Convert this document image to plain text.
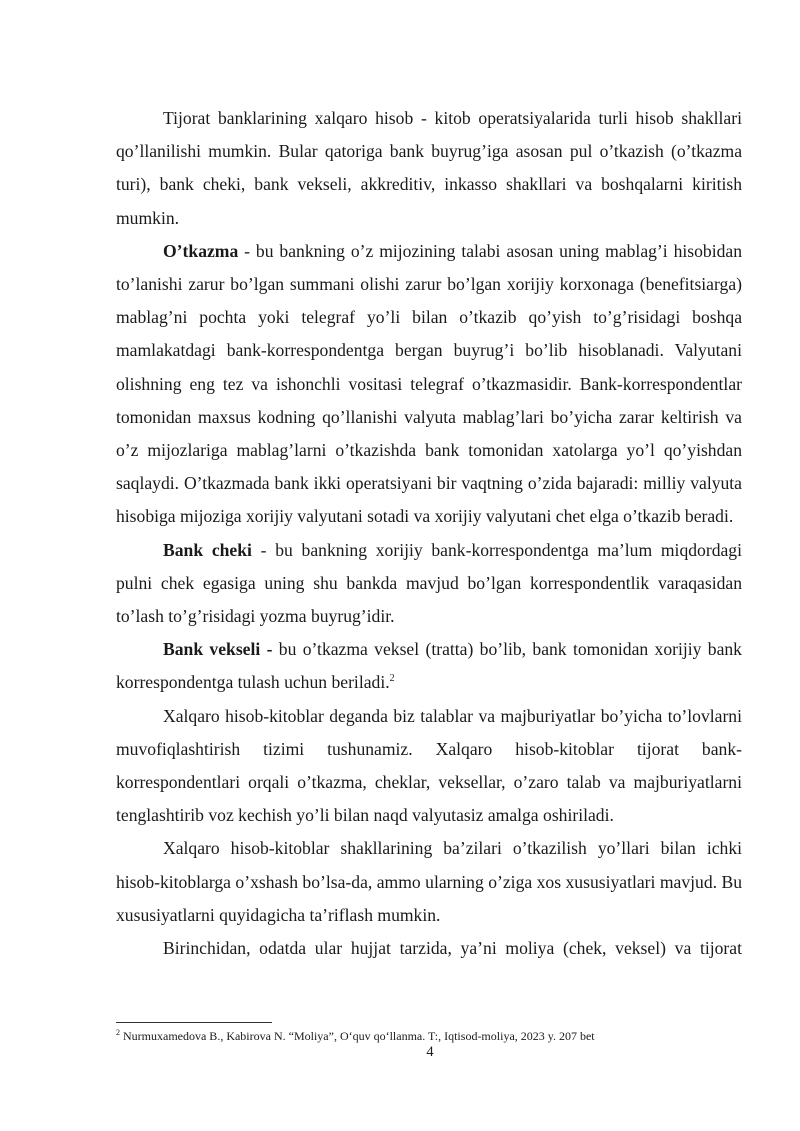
Tijorat banklarining xalqaro hisob - kitob operatsiyalarida turli hisob shakllari qo’llanilishi mumkin. Bular qatoriga bank buyrug’iga asosan pul o’tkazish (o’tkazma turi), bank cheki, bank vekseli, akkreditiv, inkasso shakllari va boshqalarni kiritish mumkin.

O’tkazma - bu bankning o’z mijozining talabi asosan uning mablag’i hisobidan to’lanishi zarur bo’lgan summani olishi zarur bo’lgan xorijiy korxonaga (benefitsiarga) mablag’ni pochta yoki telegraf yo’li bilan o’tkazib qo’yish to’g’risidagi boshqa mamlakatdagi bank-korrespondentga bergan buyrug’i bo’lib hisoblanadi. Valyutani olishning eng tez va ishonchli vositasi telegraf o’tkazmasidir. Bank-korrespondentlar tomonidan maxsus kodning qo’llanishi valyuta mablag’lari bo’yicha zarar keltirish va o’z mijozlariga mablag’larni o’tkazishda bank tomonidan xatolarga yo’l qo’yishdan saqlaydi. O’tkazmada bank ikki operatsiyani bir vaqtning o’zida bajaradi: milliy valyuta hisobiga mijoziga xorijiy valyutani sotadi va xorijiy valyutani chet elga o’tkazib beradi.

Bank cheki - bu bankning xorijiy bank-korrespondentga ma’lum miqdordagi pulni chek egasiga uning shu bankda mavjud bo’lgan korrespondentlik varaqasidan to’lash to’g’risidagi yozma buyrug’idir.

Bank vekseli - bu o’tkazma veksel (tratta) bo’lib, bank tomonidan xorijiy bank korrespondentga tulash uchun beriladi.$^2$

Xalqaro hisob-kitoblar deganda biz talablar va majburiyatlar bo’yicha to’lovlarni muvofiqlashtirish tizimi tushunamiz. Xalqaro hisob-kitoblar tijorat bank-korrespondentlari orqali o’tkazma, cheklar, veksellar, o’zaro talab va majburiyatlarni tenglashtirib voz kechish yo’li bilan naqd valyutasiz amalga oshiriladi.

Xalqaro hisob-kitoblar shakllarining ba’zilari o’tkazilish yo’llari bilan ichki hisob-kitoblarga o’xshash bo’lsa-da, ammo ularning o’ziga xos xususiyatlari mavjud. Bu xususiyatlarni quyidagicha ta’riflash mumkin.

Birinchidan, odatda ular hujjat tarzida, ya’ni moliya (chek, veksel) va tijorat

$^2$ Nurmuxamedova B., Kabirova N. “Moliya”, O‘quv qo‘llanma. T:, Iqtisod-moliya, 2023 y. 207 bet
4
